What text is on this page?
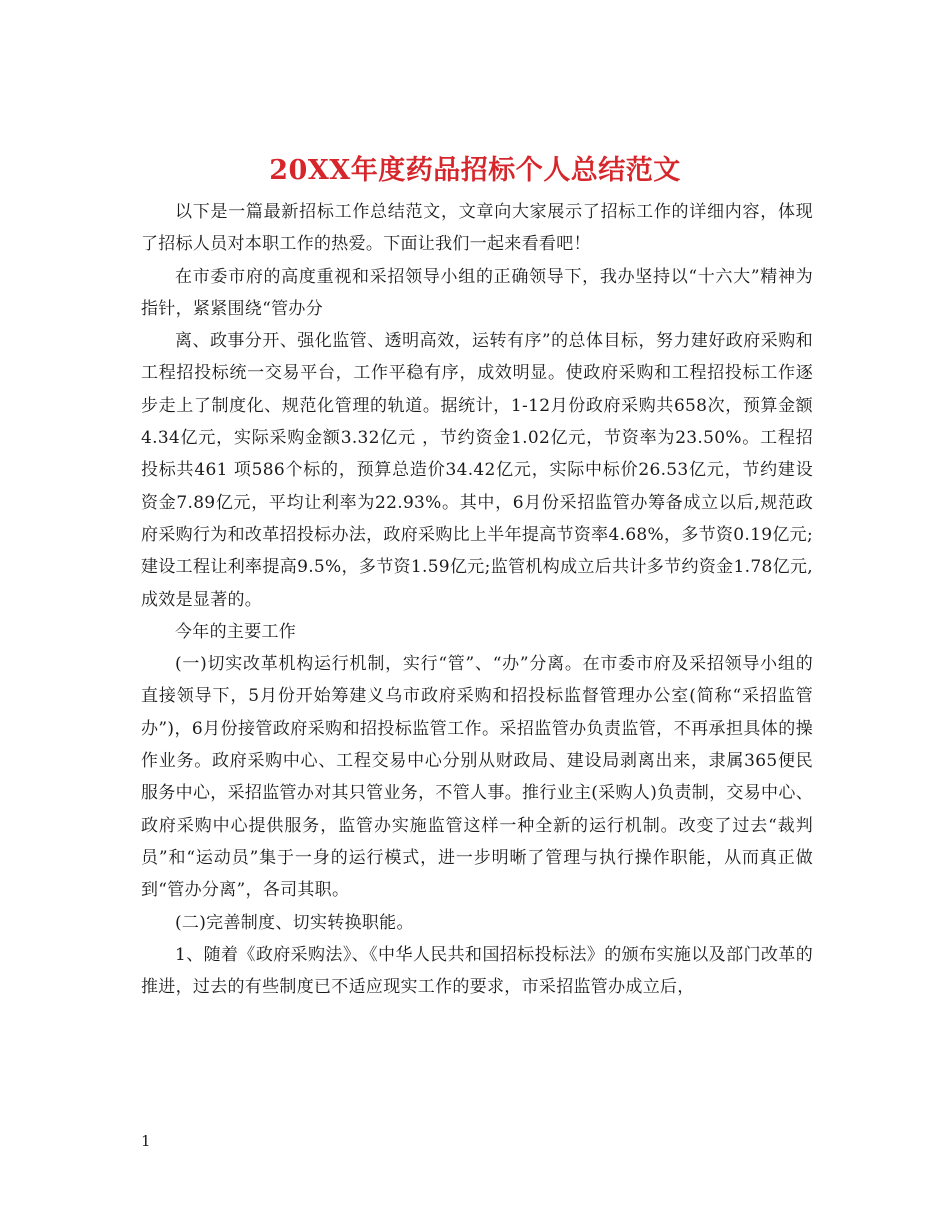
20XX年度药品招标个人总结范文

以下是一篇最新招标工作总结范文，文章向大家展示了招标工作的详细内容，体现了招标人员对本职工作的热爱。下面让我们一起来看看吧！

在市委市府的高度重视和采招领导小组的正确领导下，我办坚持以“十六大”精神为指针，紧紧围绕“管办分

离、政事分开、强化监管、透明高效，运转有序”的总体目标，努力建好政府采购和工程招投标统一交易平台，工作平稳有序，成效明显。使政府采购和工程招投标工作逐步走上了制度化、规范化管理的轨道。据统计，1-12月份政府采购共658次，预算金额4.34亿元，实际采购金额3.32亿元 ，节约资金1.02亿元，节资率为23.50%。工程招投标共461 项586个标的，预算总造价34.42亿元，实际中标价26.53亿元，节约建设资金7.89亿元，平均让利率为22.93%。其中，6月份采招监管办筹备成立以后,规范政府采购行为和改革招投标办法，政府采购比上半年提高节资率4.68%，多节资0.19亿元;建设工程让利率提高9.5%，多节资1.59亿元;监管机构成立后共计多节约资金1.78亿元,成效是显著的。

今年的主要工作

(一)切实改革机构运行机制，实行“管”、“办”分离。在市委市府及采招领导小组的直接领导下，5月份开始筹建义乌市政府采购和招投标监督管理办公室(简称“采招监管办”)，6月份接管政府采购和招投标监管工作。采招监管办负责监管，不再承担具体的操作业务。政府采购中心、工程交易中心分别从财政局、建设局剥离出来，隶属365便民服务中心，采招监管办对其只管业务，不管人事。推行业主(采购人)负责制，交易中心、政府采购中心提供服务，监管办实施监管这样一种全新的运行机制。改变了过去“裁判员”和“运动员”集于一身的运行模式，进一步明晰了管理与执行操作职能，从而真正做到“管办分离”，各司其职。

(二)完善制度、切实转换职能。

1、随着《政府采购法》、《中华人民共和国招标投标法》的颁布实施以及部门改革的推进，过去的有些制度已不适应现实工作的要求，市采招监管办成立后，

1
